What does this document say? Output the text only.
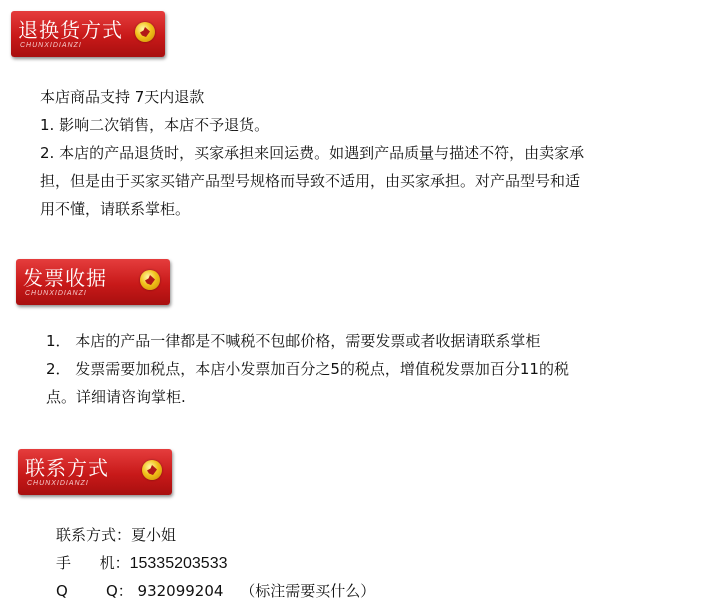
退换货方式
CHUNXIDIANZI
本店商品支持 7天内退款
1. 影响二次销售，本店不予退货。
2. 本店的产品退货时，买家承担来回运费。如遇到产品质量与描述不符，由卖家承
担，但是由于买家买错产品型号规格而导致不适用，由买家承担。对产品型号和适
用不懂，请联系掌柜。
发票收据
CHUNXIDIANZI
1． 本店的产品一律都是不喊税不包邮价格，需要发票或者收据请联系掌柜
2． 发票需要加税点，本店小发票加百分之5的税点，增值税发票加百分11的税
点。详细请咨询掌柜.
联系方式
CHUNXIDIANZI
联系方式：夏小姐
手      机：15335203533
Q        Q： 932099204 （标注需要买什么）
